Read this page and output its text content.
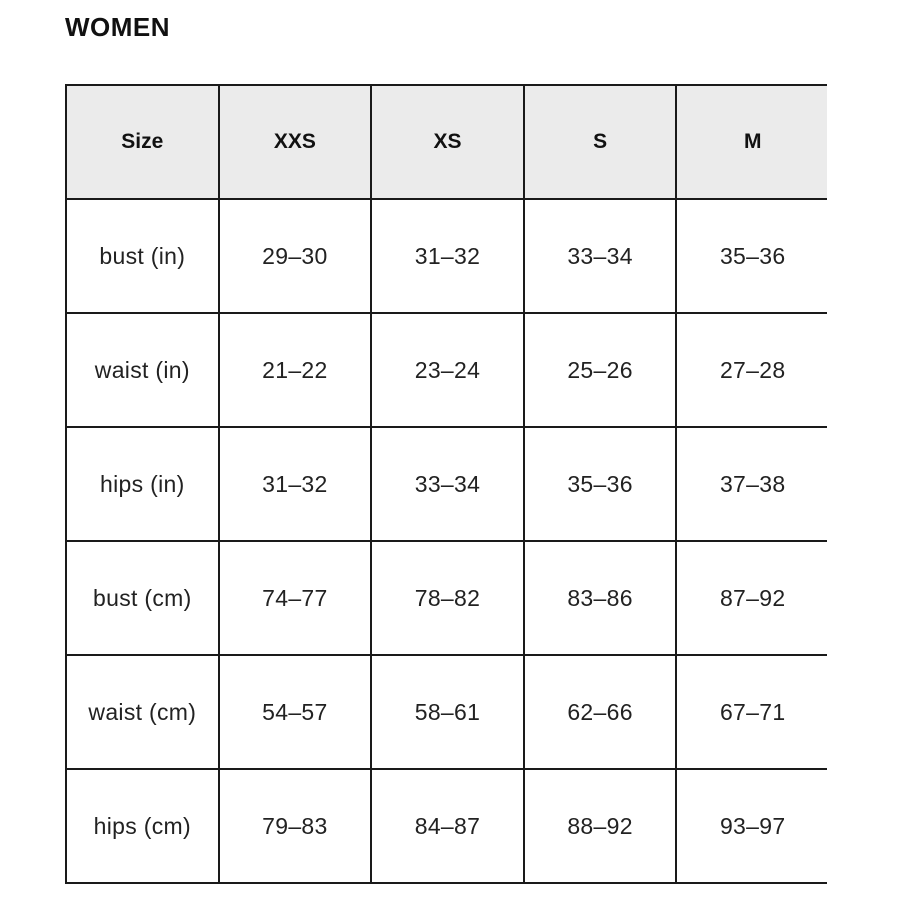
WOMEN
Size	XXS	XS	S	M
bust (in)	29–30	31–32	33–34	35–36
waist (in)	21–22	23–24	25–26	27–28
hips (in)	31–32	33–34	35–36	37–38
bust (cm)	74–77	78–82	83–86	87–92
waist (cm)	54–57	58–61	62–66	67–71
hips (cm)	79–83	84–87	88–92	93–97
